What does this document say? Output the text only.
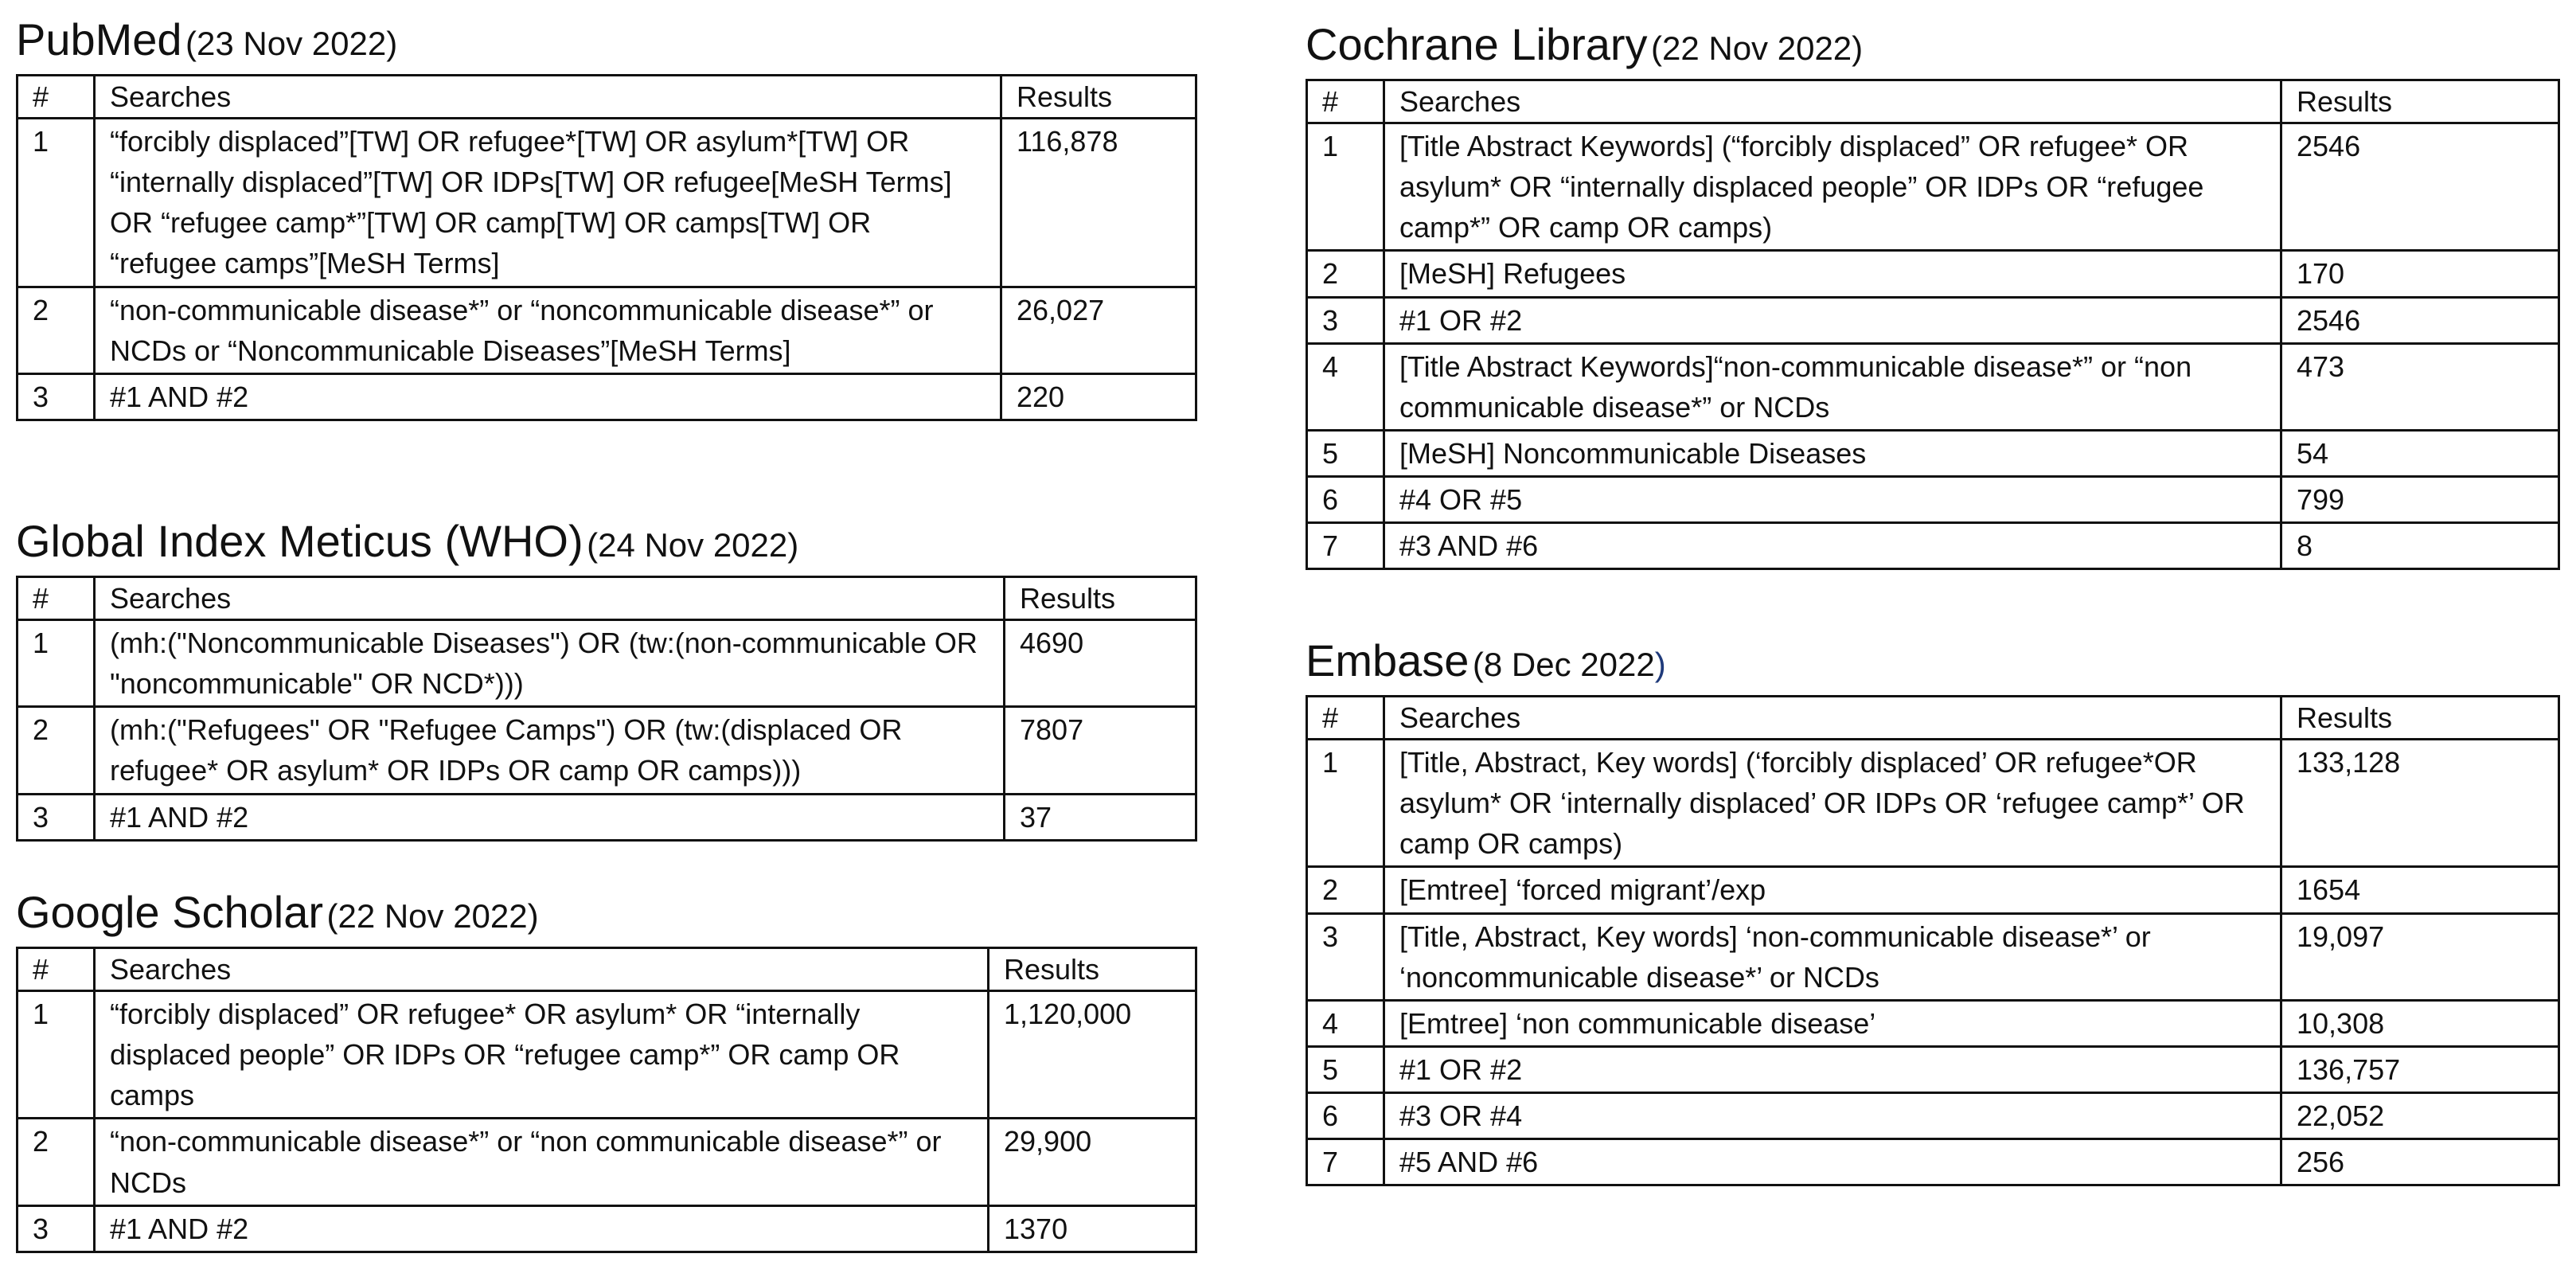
PubMed (23 Nov 2022)
#	Searches	Results
1	“forcibly displaced”[TW] OR refugee*[TW] OR asylum*[TW] OR “internally displaced”[TW] OR IDPs[TW] OR refugee[MeSH Terms] OR “refugee camp*”[TW] OR camp[TW] OR camps[TW] OR “refugee camps”[MeSH Terms]	116,878
2	“non-communicable disease*” or “noncommunicable disease*” or NCDs or “Noncommunicable Diseases”[MeSH Terms]	26,027
3	#1 AND #2	220
Global Index Meticus (WHO) (24 Nov 2022)
#	Searches	Results
1	(mh:("Noncommunicable Diseases") OR (tw:(non-communicable OR "noncommunicable" OR NCD*)))	4690
2	(mh:("Refugees" OR "Refugee Camps") OR (tw:(displaced OR refugee* OR asylum* OR IDPs OR camp OR camps)))	7807
3	#1 AND #2	37
Google Scholar (22 Nov 2022)
#	Searches	Results
1	“forcibly displaced” OR refugee* OR asylum* OR “internally displaced people” OR IDPs OR “refugee camp*” OR camp OR camps	1,120,000
2	“non-communicable disease*” or “non communicable disease*” or NCDs	29,900
3	#1 AND #2	1370
Cochrane Library (22 Nov 2022)
#	Searches	Results
1	[Title Abstract Keywords] (“forcibly displaced” OR refugee* OR asylum* OR “internally displaced people” OR IDPs OR “refugee camp*” OR camp OR camps)	2546
2	[MeSH] Refugees	170
3	#1 OR #2	2546
4	[Title Abstract Keywords]“non-communicable disease*” or “non communicable disease*” or NCDs	473
5	[MeSH] Noncommunicable Diseases	54
6	#4 OR #5	799
7	#3 AND #6	8
Embase (8 Dec 2022)
#	Searches	Results
1	[Title, Abstract, Key words] (‘forcibly displaced’ OR refugee*OR asylum* OR ‘internally displaced’ OR IDPs OR ‘refugee camp*’ OR camp OR camps)	133,128
2	[Emtree] ‘forced migrant’/exp	1654
3	[Title, Abstract, Key words] ‘non-communicable disease*’ or ‘noncommunicable disease*’ or NCDs	19,097
4	[Emtree] ‘non communicable disease’	10,308
5	#1 OR #2	136,757
6	#3 OR #4	22,052
7	#5 AND #6	256
